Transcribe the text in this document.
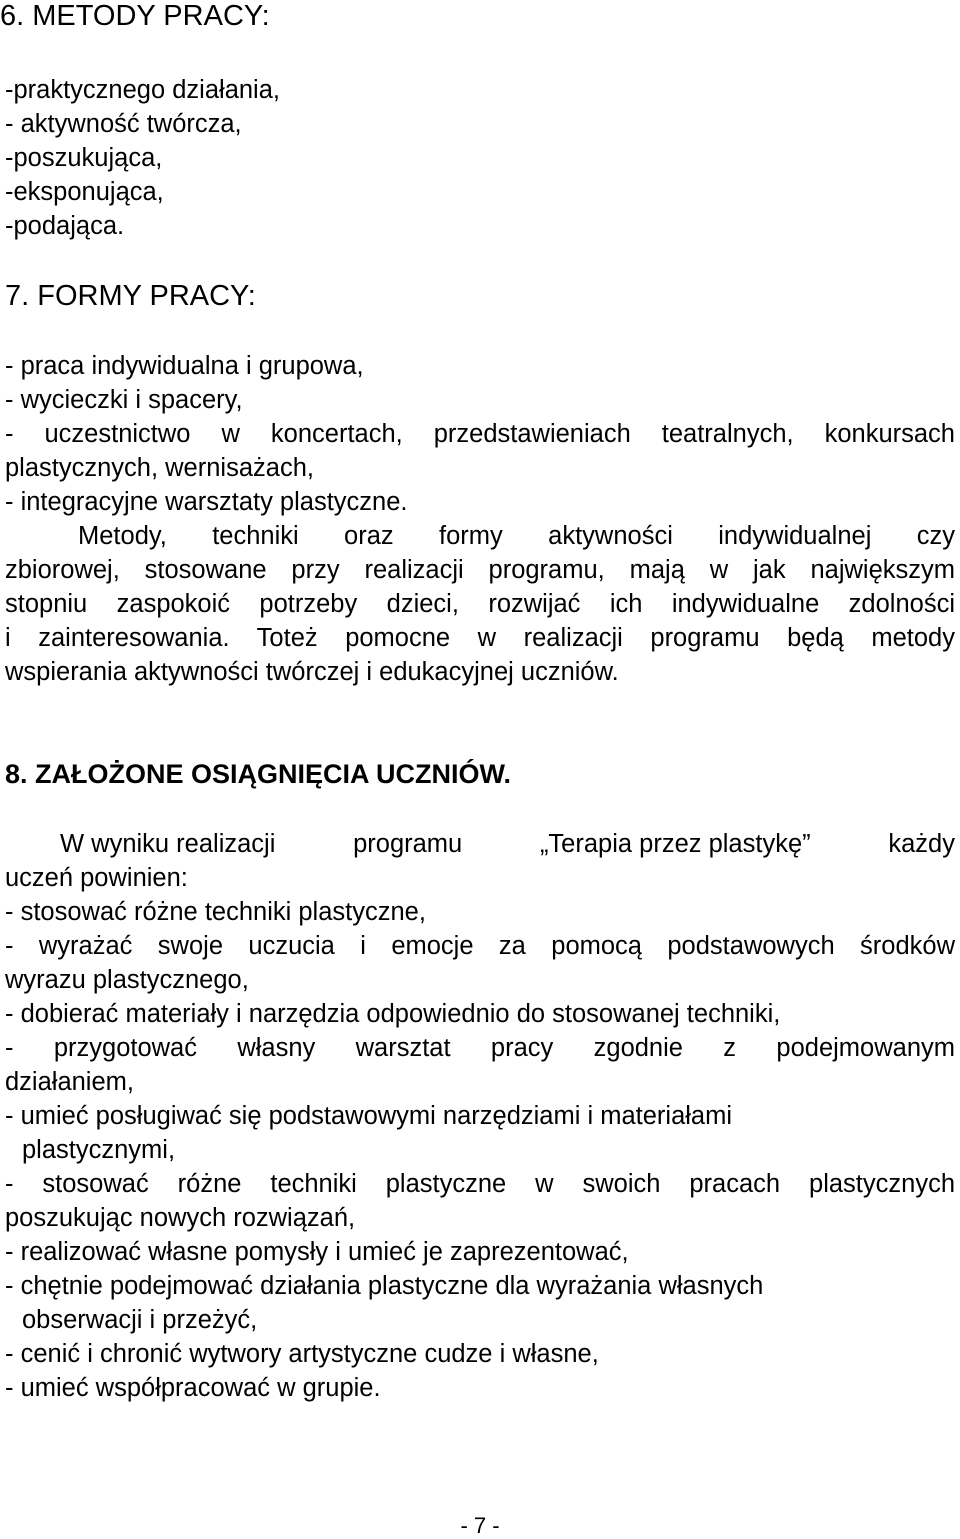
6. METODY PRACY:
-praktycznego działania,
- aktywność twórcza,
-poszukująca,
-eksponująca,
-podająca.
7. FORMY PRACY:
- praca indywidualna i grupowa,
- wycieczki i spacery,
- uczestnictwo w koncertach, przedstawieniach teatralnych, konkursach
plastycznych, wernisażach,
- integracyjne warsztaty plastyczne.
Metody, techniki oraz formy aktywności indywidualnej czy
zbiorowej, stosowane przy realizacji programu, mają w jak największym
stopniu zaspokoić potrzeby dzieci, rozwijać ich indywidualne zdolności
i zainteresowania. Toteż pomocne w realizacji programu będą metody
wspierania aktywności twórczej i edukacyjnej uczniów.
8. ZAŁOŻONE OSIĄGNIĘCIA UCZNIÓW.
W wyniku realizacji	programu	„Terapia przez plastykę”	każdy
uczeń powinien:
- stosować różne techniki plastyczne,
- wyrażać swoje uczucia i emocje za pomocą podstawowych środków
wyrazu plastycznego,
- dobierać materiały i narzędzia odpowiednio do stosowanej techniki,
- przygotować własny warsztat pracy zgodnie z podejmowanym
działaniem,
- umieć posługiwać się podstawowymi narzędziami i materiałami
plastycznymi,
- stosować różne techniki plastyczne w swoich pracach plastycznych
poszukując nowych rozwiązań,
- realizować własne pomysły i umieć je zaprezentować,
- chętnie podejmować działania plastyczne dla wyrażania własnych
obserwacji i przeżyć,
- cenić i chronić wytwory artystyczne cudze i własne,
- umieć współpracować w grupie.
- 7 -
